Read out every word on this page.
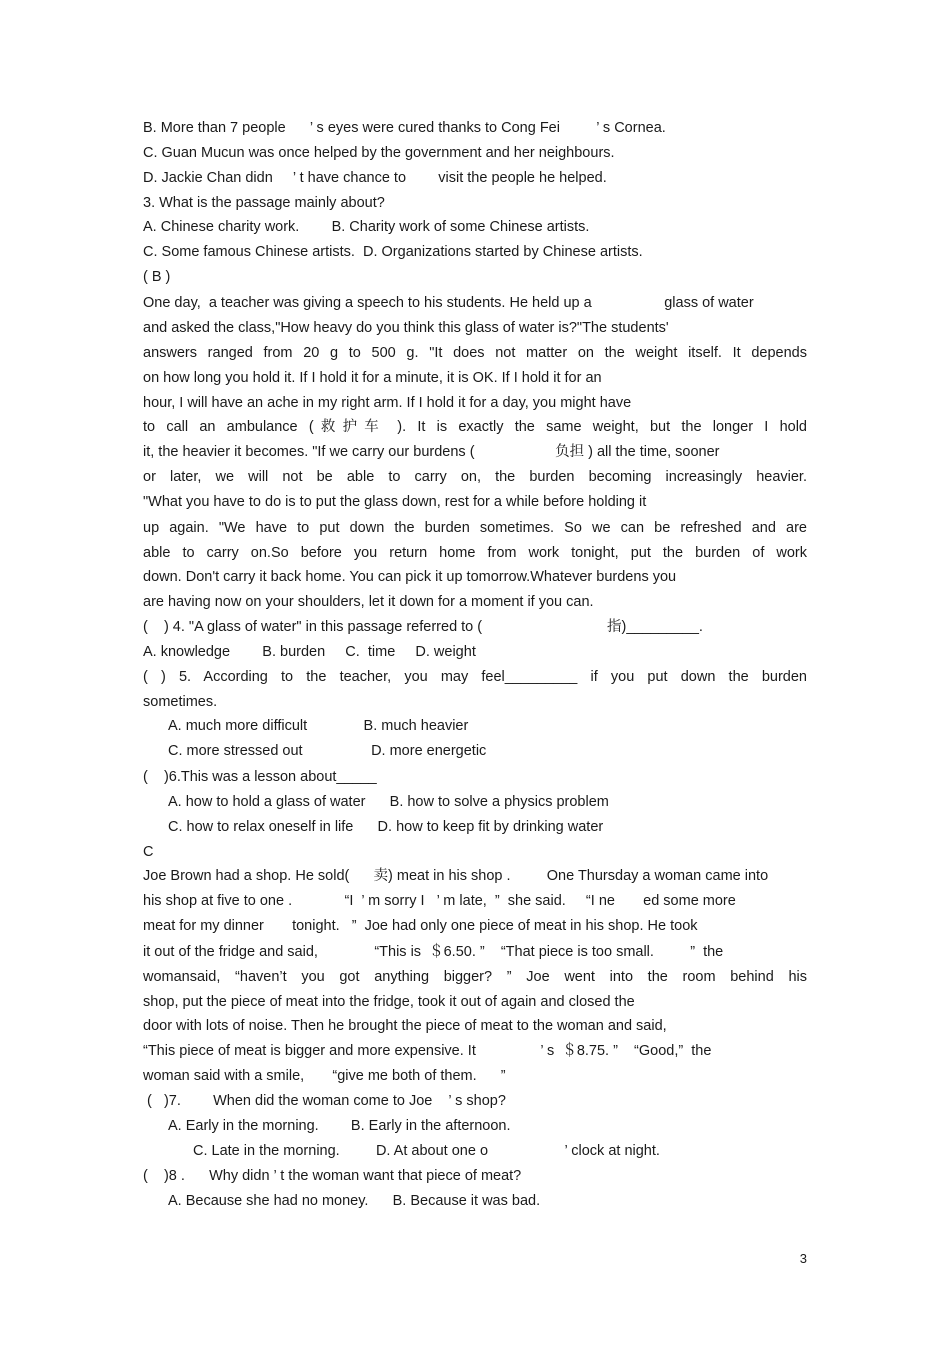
B. More than 7 people      ’ s eyes were cured thanks to Cong Fei         ’ s Cornea.
C. Guan Mucun was once helped by the government and her neighbours.
D. Jackie Chan didn     ’ t have chance to        visit the people he helped.
3. What is the passage mainly about?
A. Chinese charity work.        B. Charity work of some Chinese artists.
C. Some famous Chinese artists.  D. Organizations started by Chinese artists.
( B )
One day,  a teacher was giving a speech to his students. He held up a                  glass of water
and asked the class,"How heavy do you think this glass of water is?"The students'
answers ranged from 20 g to 500 g. "It does not matter on the weight itself. It depends
on how long you hold it. If I hold it for a minute, it is OK. If I hold it for an
hour, I will have an ache in my right arm. If I hold it for a day, you might have
to call an ambulance (救护车 ). It is exactly the same weight, but the longer I hold
it, the heavier it becomes. "If we carry our burdens (                    负担 ) all the time, sooner
or later, we will not be able to carry on, the burden becoming increasingly heavier.
"What you have to do is to put the glass down, rest for a while before holding it
up again. "We have to put down the burden sometimes. So we can be refreshed and are
able to carry on.So before you return home from work tonight, put the burden of work
down. Don't carry it back home. You can pick it up tomorrow.Whatever burdens you
are having now on your shoulders, let it down for a moment if you can.
(    ) 4. "A glass of water" in this passage referred to (                               指)_________.
A. knowledge        B. burden     C.  time     D. weight
( ) 5. According to the teacher, you may feel_________ if you put down the burden
sometimes.
A. much more difficult              B. much heavier
C. more stressed out                 D. more energetic
(    )6.This was a lesson about_____
A. how to hold a glass of water      B. how to solve a physics problem
C. how to relax oneself in life      D. how to keep fit by drinking water
C
Joe Brown had a shop. He sold(      卖) meat in his shop .         One Thursday a woman came into
his shop at five to one .             “I  ’ m sorry I   ’ m late,  ”  she said.     “I ne       ed some more
meat for my dinner       tonight.   ”  Joe had only one piece of meat in his shop. He took
it out of the fridge and said,              “This is  ＄6.50. ”    “That piece is too small.         ”  the
womansaid, “haven’t you got anything bigger? ” Joe went into the room behind his
shop, put the piece of meat into the fridge, took it out of again and closed the
door with lots of noise. Then he brought the piece of meat to the woman and said,
“This piece of meat is bigger and more expensive. It                ’ s  ＄8.75. ”    “Good,”  the
woman said with a smile,       “give me both of them.      ”
(   )7.        When did the woman come to Joe    ’ s shop?
A. Early in the morning.        B. Early in the afternoon.
C. Late in the morning.         D. At about one o                   ’ clock at night.
(    )8 .      Why didn ’ t the woman want that piece of meat?
A. Because she had no money.      B. Because it was bad.
3
